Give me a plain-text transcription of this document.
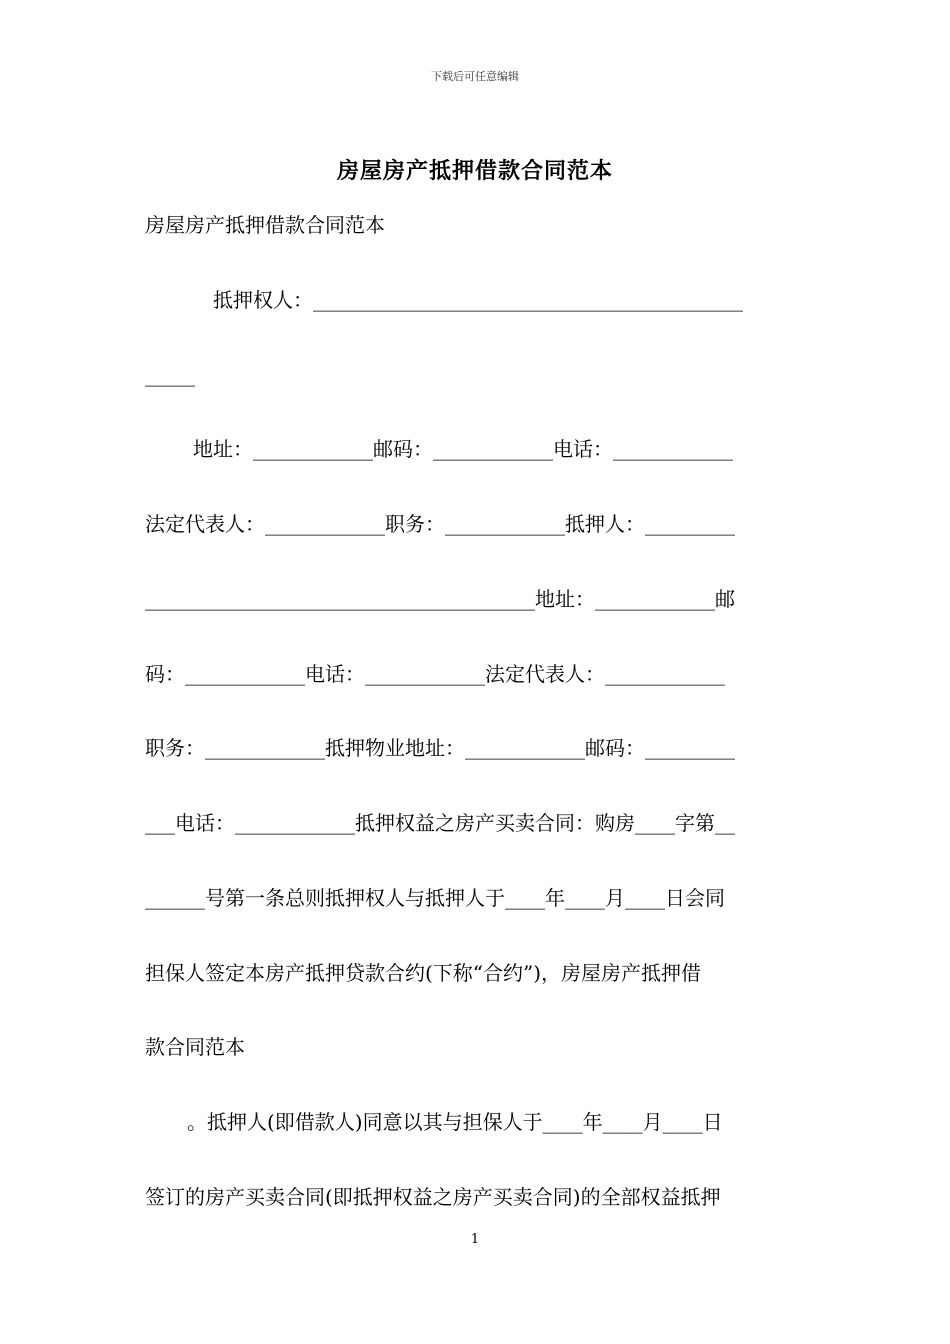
下载后可任意编辑
房屋房产抵押借款合同范本
房屋房产抵押借款合同范本
抵押权人：___________________________________________
_____
地址：____________邮码：____________电话：____________
法定代表人：____________职务：____________抵押人：_________
_______________________________________地址：____________邮
码：____________电话：____________法定代表人：____________
职务：____________抵押物业地址：____________邮码：_________
___电话：____________抵押权益之房产买卖合同：购房____字第__
______号第一条总则抵押权人与抵押人于____年____月____日会同
担保人签定本房产抵押贷款合约(下称“合约”)，房屋房产抵押借
款合同范本
。抵押人(即借款人)同意以其与担保人于____年____月____日
签订的房产买卖合同(即抵押权益之房产买卖合同)的全部权益抵押
1
